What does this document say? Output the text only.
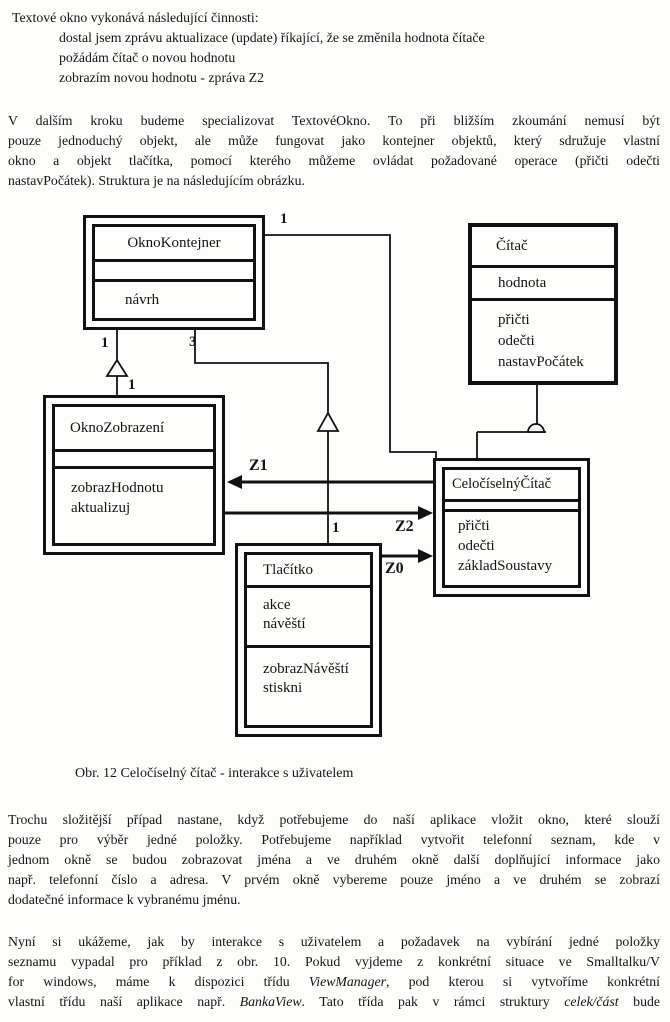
Textové okno vykonává následující činnosti:
dostal jsem zprávu aktualizace (update) říkající, že se změnila hodnota čítače
požádám čítač o novou hodnotu
zobrazím novou hodnotu - zpráva Z2
V dalším kroku budeme specializovat TextovéOkno. To při bližším zkoumání nemusí být
pouze jednoduchý objekt, ale může fungovat jako kontejner objektů, který sdružuje vlastní
okno a objekt tlačítka, pomocí kterého můžeme ovládat požadované operace (přičti odečti
nastavPočátek). Struktura je na následujícím obrázku.
OknoKontejner
návrh
Čítač
hodnota
přičti
odečti
nastavPočátek
OknoZobrazení
zobrazHodnotu
aktualizuj
CeločíselnýČítač
přičti
odečti
základSoustavy
Tlačítko
akce
návěští
zobrazNávěští
stiskni
1
1
1
3
1
Z1
Z2
Z0
Obr. 12 Celočíselný čítač - interakce s uživatelem
Trochu složitější případ nastane, když potřebujeme do naší aplikace vložit okno, které slouží
pouze pro výběr jedné položky. Potřebujeme například vytvořit telefonní seznam, kde v
jednom okně se budou zobrazovat jména a ve druhém okně další doplňující informace jako
např. telefonní číslo a adresa. V prvém okně vybereme pouze jméno a ve druhém se zobrazí
dodatečné informace k vybranému jménu.
Nyní si ukážeme, jak by interakce s uživatelem a požadavek na vybírání jedné položky
seznamu vypadal pro příklad z obr. 10. Pokud vyjdeme z konkrétní situace ve Smalltalku/V
for windows, máme k dispozici třídu ViewManager, pod kterou si vytvoříme konkrétní
vlastní třídu naší aplikace např. BankaView. Tato třída pak v rámci struktury celek/část bude
